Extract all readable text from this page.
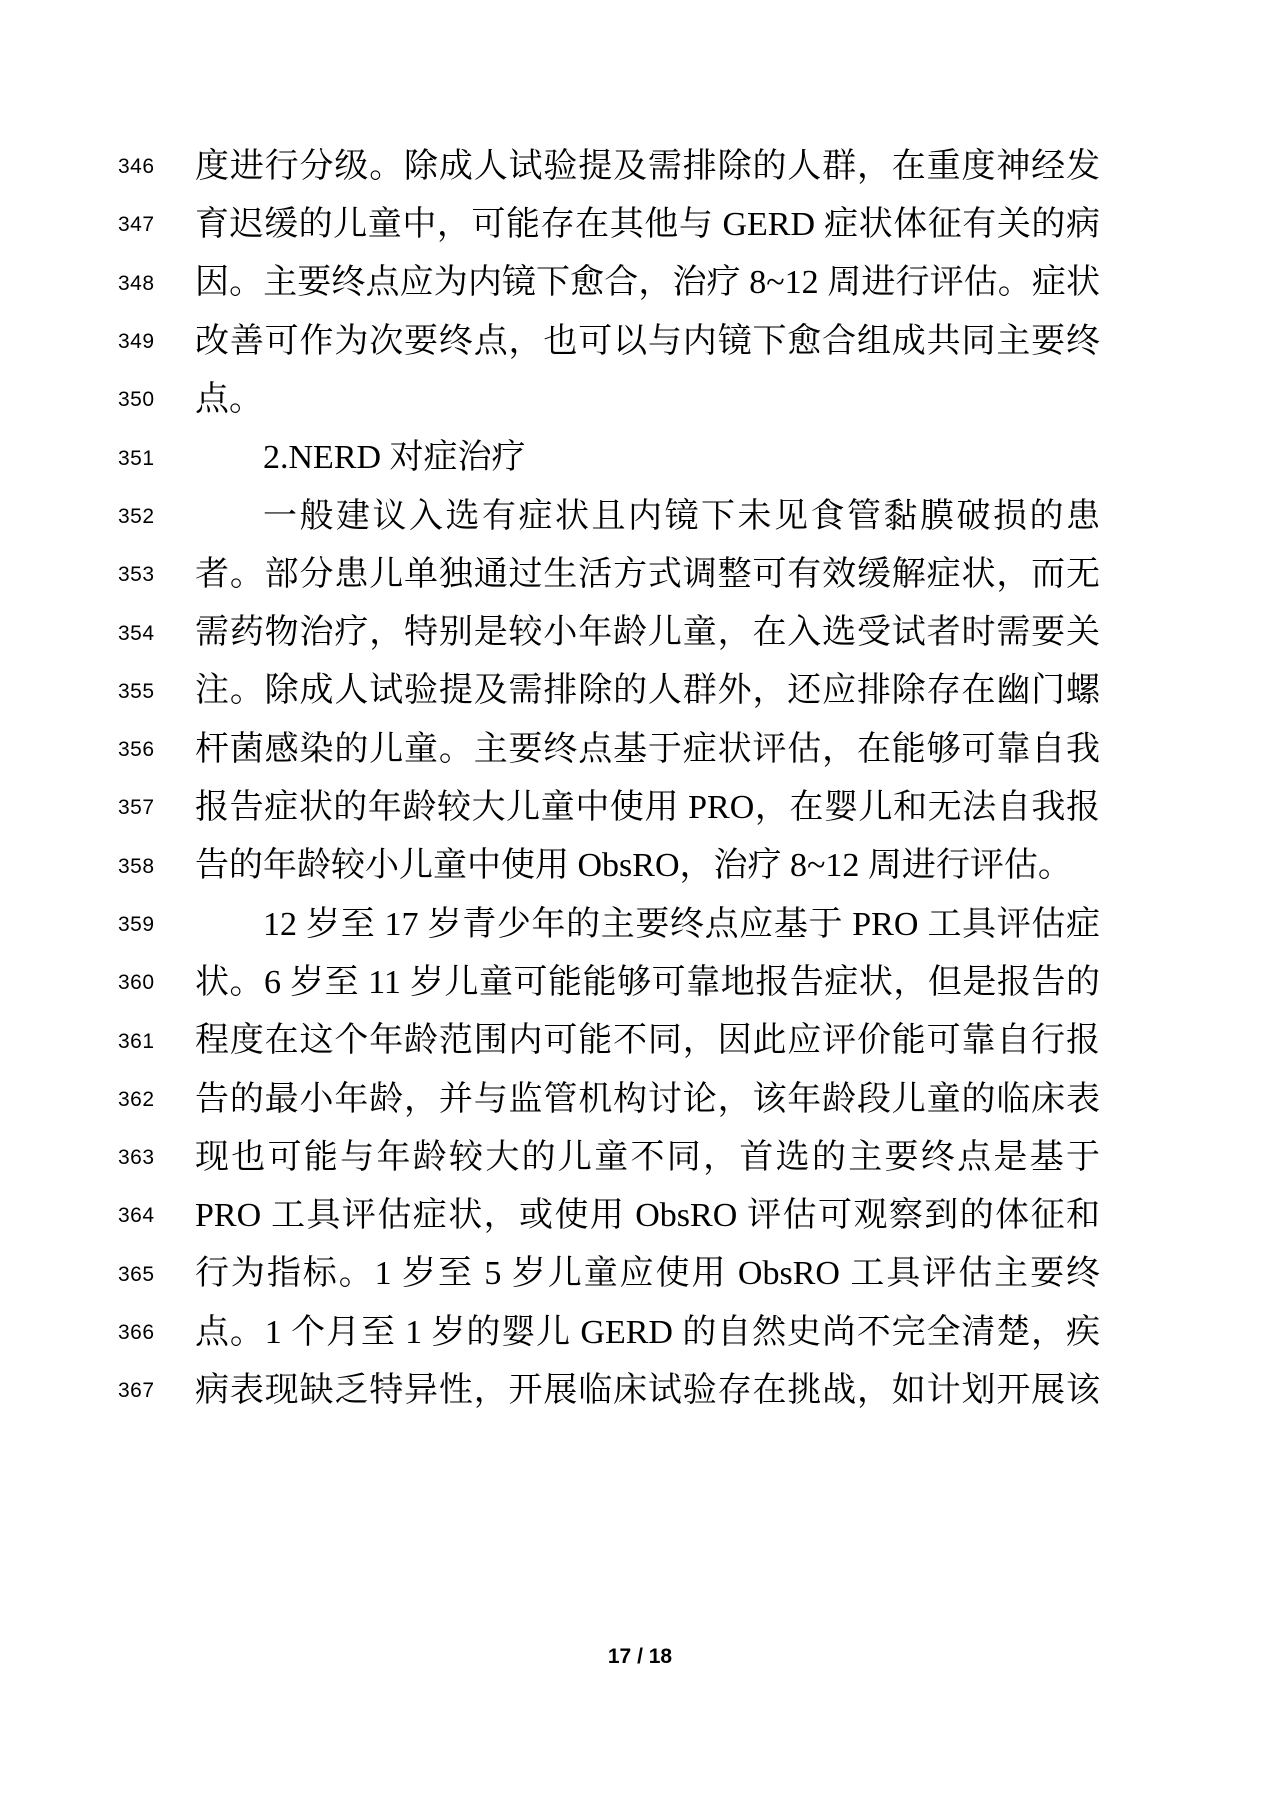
346	度进行分级。除成人试验提及需排除的人群，在重度神经发
347	育迟缓的儿童中，可能存在其他与 GERD 症状体征有关的病
348	因。主要终点应为内镜下愈合，治疗 8~12 周进行评估。症状
349	改善可作为次要终点，也可以与内镜下愈合组成共同主要终
350	点。
351	2.NERD 对症治疗
352	一般建议入选有症状且内镜下未见食管黏膜破损的患
353	者。部分患儿单独通过生活方式调整可有效缓解症状，而无
354	需药物治疗，特别是较小年龄儿童，在入选受试者时需要关
355	注。除成人试验提及需排除的人群外，还应排除存在幽门螺
356	杆菌感染的儿童。主要终点基于症状评估，在能够可靠自我
357	报告症状的年龄较大儿童中使用 PRO，在婴儿和无法自我报
358	告的年龄较小儿童中使用 ObsRO，治疗 8~12 周进行评估。
359	12 岁至 17 岁青少年的主要终点应基于 PRO 工具评估症
360	状。6 岁至 11 岁儿童可能能够可靠地报告症状，但是报告的
361	程度在这个年龄范围内可能不同，因此应评价能可靠自行报
362	告的最小年龄，并与监管机构讨论，该年龄段儿童的临床表
363	现也可能与年龄较大的儿童不同，首选的主要终点是基于
364	PRO 工具评估症状，或使用 ObsRO 评估可观察到的体征和
365	行为指标。1 岁至 5 岁儿童应使用 ObsRO 工具评估主要终
366	点。1 个月至 1 岁的婴儿 GERD 的自然史尚不完全清楚，疾
367	病表现缺乏特异性，开展临床试验存在挑战，如计划开展该
17 / 18
